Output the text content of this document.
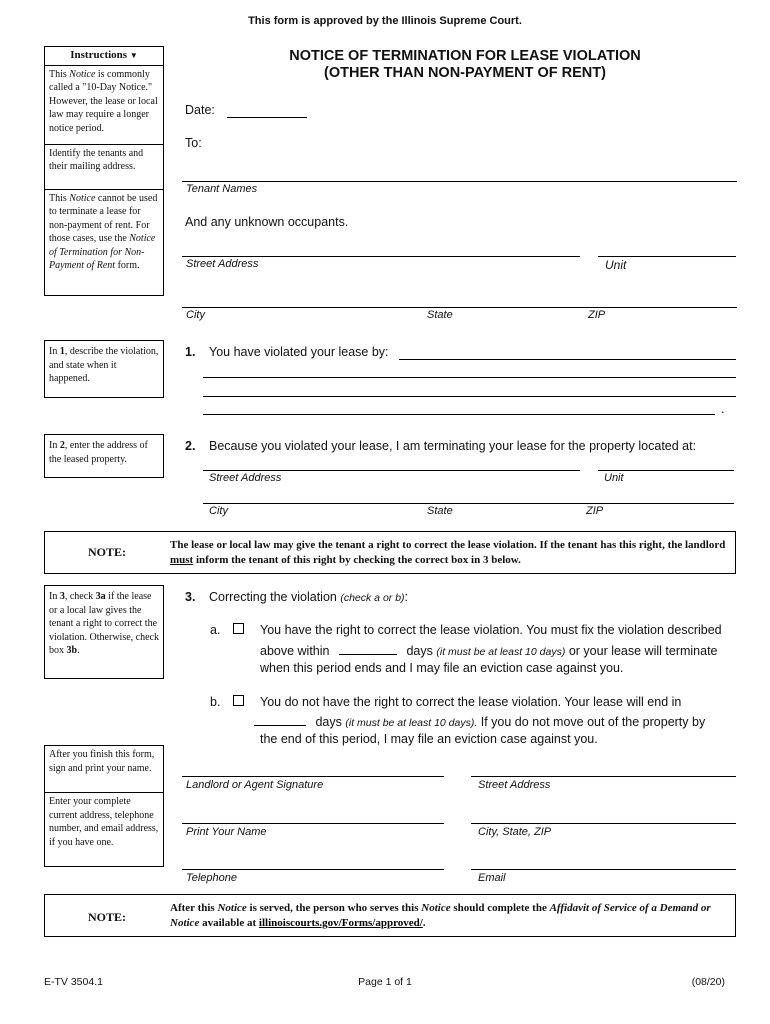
This form is approved by the Illinois Supreme Court.
NOTICE OF TERMINATION FOR LEASE VIOLATION
(OTHER THAN NON-PAYMENT OF RENT)
Instructions ▼
This Notice is commonly called a "10-Day Notice." However, the lease or local law may require a longer notice period.
Identify the tenants and their mailing address.
This Notice cannot be used to terminate a lease for non-payment of rent. For those cases, use the Notice of Termination for Non-Payment of Rent form.
In 1, describe the violation, and state when it happened.
In 2, enter the address of the leased property.
NOTE:	The lease or local law may give the tenant a right to correct the lease violation. If the tenant has this right, the landlord must inform the tenant of this right by checking the correct box in 3 below.
In 3, check 3a if the lease or a local law gives the tenant a right to correct the violation. Otherwise, check box 3b.
After you finish this form, sign and print your name.
Enter your complete current address, telephone number, and email address, if you have one.
Date:
To:
Tenant Names
And any unknown occupants.
Street Address	Unit
City	State	ZIP
1. You have violated your lease by:
.
2. Because you violated your lease, I am terminating your lease for the property located at:
Street Address	Unit
City	State	ZIP
3. Correcting the violation (check a or b):
a.	You have the right to correct the lease violation. You must fix the violation described
above within	days (it must be at least 10 days) or your lease will terminate
when this period ends and I may file an eviction case against you.
b.	You do not have the right to correct the lease violation. Your lease will end in
days (it must be at least 10 days). If you do not move out of the property by
the end of this period, I may file an eviction case against you.
Landlord or Agent Signature	Street Address
Print Your Name	City, State, ZIP
Telephone	Email
NOTE:
After this Notice is served, the person who serves this Notice should complete the Affidavit of Service of a Demand or Notice available at illinoiscourts.gov/Forms/approved/.
E-TV 3504.1	Page 1 of 1	(08/20)
